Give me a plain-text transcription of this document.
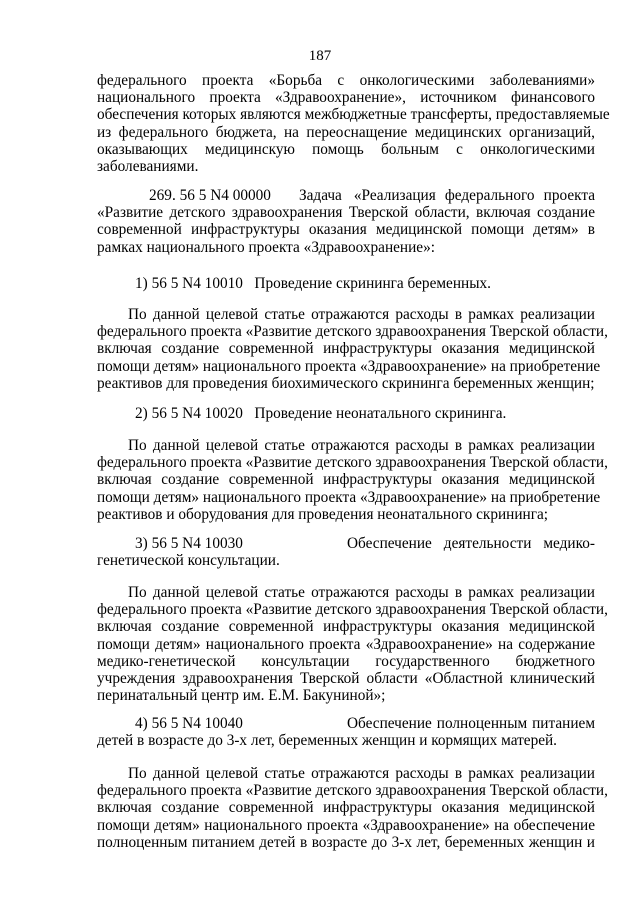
187
федерального проекта «Борьба с онкологическими заболеваниями»
национального проекта «Здравоохранение», источником финансового
обеспечения которых являются межбюджетные трансферты, предоставляемые
из федерального бюджета, на переоснащение медицинских организаций,
оказывающих медицинскую помощь больным с онкологическими
заболеваниями.
269. 56 5 N4 00000 Задача «Реализация федерального проекта
«Развитие детского здравоохранения Тверской области, включая создание
современной инфраструктуры оказания медицинской помощи детям» в
рамках национального проекта «Здравоохранение»:
1) 56 5 N4 10010 Проведение скрининга беременных.
По данной целевой статье отражаются расходы в рамках реализации
федерального проекта «Развитие детского здравоохранения Тверской области,
включая создание современной инфраструктуры оказания медицинской
помощи детям» национального проекта «Здравоохранение» на приобретение
реактивов для проведения биохимического скрининга беременных женщин;
2) 56 5 N4 10020 Проведение неонатального скрининга.
По данной целевой статье отражаются расходы в рамках реализации
федерального проекта «Развитие детского здравоохранения Тверской области,
включая создание современной инфраструктуры оказания медицинской
помощи детям» национального проекта «Здравоохранение» на приобретение
реактивов и оборудования для проведения неонатального скрининга;
3) 56 5 N4 10030	Обеспечение деятельности медико-
генетической консультации.
По данной целевой статье отражаются расходы в рамках реализации
федерального проекта «Развитие детского здравоохранения Тверской области,
включая создание современной инфраструктуры оказания медицинской
помощи детям» национального проекта «Здравоохранение» на содержание
медико-генетической консультации государственного бюджетного
учреждения здравоохранения Тверской области «Областной клинический
перинатальный центр им. Е.М. Бакуниной»;
4) 56 5 N4 10040	Обеспечение полноценным питанием
детей в возрасте до 3-х лет, беременных женщин и кормящих матерей.
По данной целевой статье отражаются расходы в рамках реализации
федерального проекта «Развитие детского здравоохранения Тверской области,
включая создание современной инфраструктуры оказания медицинской
помощи детям» национального проекта «Здравоохранение» на обеспечение
полноценным питанием детей в возрасте до 3-х лет, беременных женщин и
